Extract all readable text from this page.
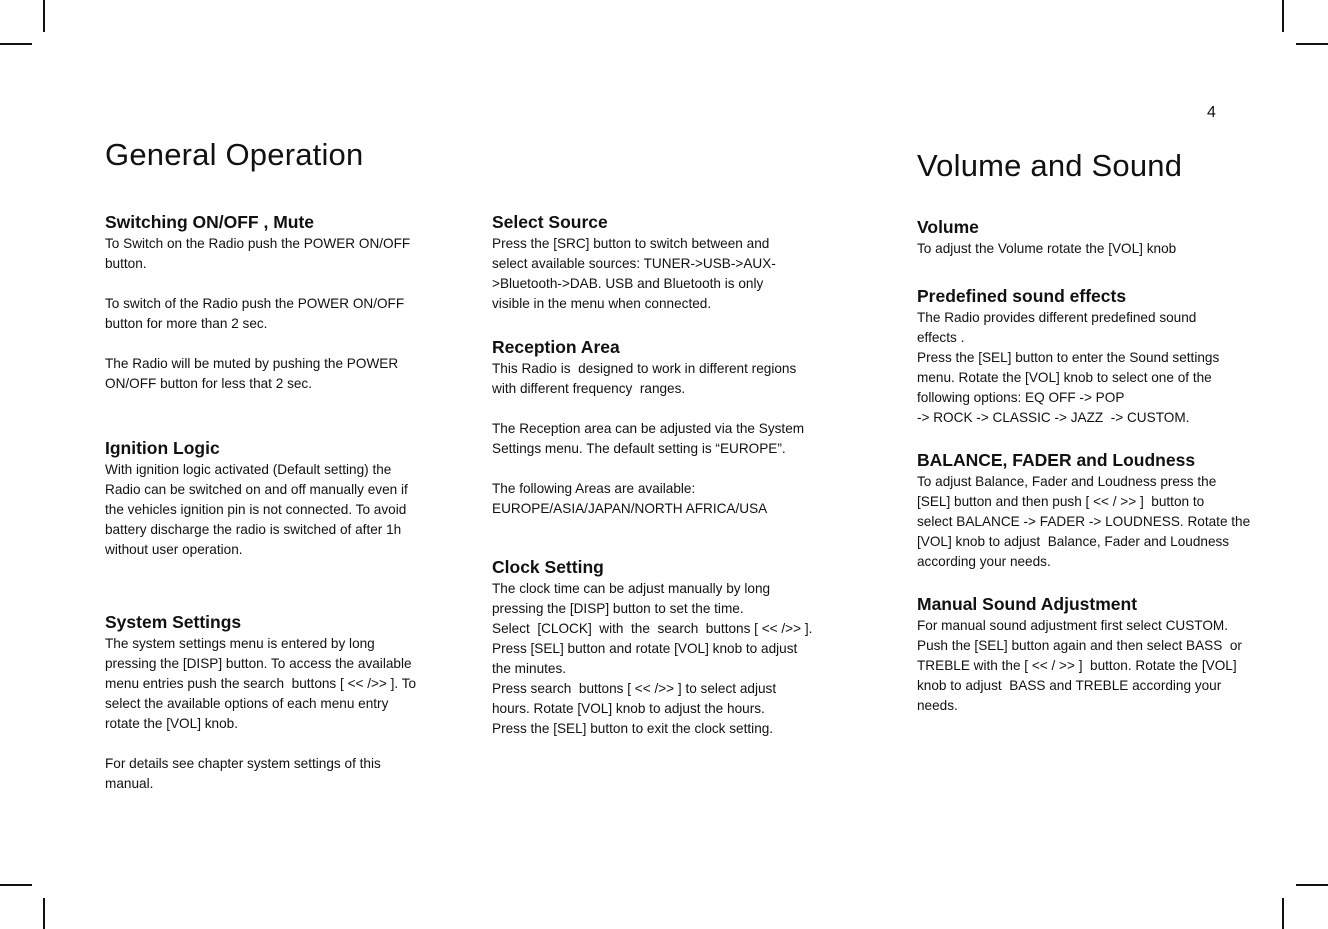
4
General Operation	Volume and Sound
Switching ON/OFF , Mute

To Switch on the Radio push the POWER ON/OFF
button.

To switch of the Radio push the POWER ON/OFF
button for more than 2 sec.

The Radio will be muted by pushing the POWER
ON/OFF button for less that 2 sec.

Ignition Logic

With ignition logic activated (Default setting) the
Radio can be switched on and off manually even if
the vehicles ignition pin is not connected. To avoid
battery discharge the radio is switched of after 1h
without user operation.

System Settings

The system settings menu is entered by long
pressing the [DISP] button. To access the available
menu entries push the search  buttons [ << />> ]. To
select the available options of each menu entry
rotate the [VOL] knob.

For details see chapter system settings of this
manual.

Select Source

Press the [SRC] button to switch between and
select available sources: TUNER->USB->AUX-
>Bluetooth->DAB. USB and Bluetooth is only
visible in the menu when connected.

Reception Area

This Radio is  designed to work in different regions
with different frequency  ranges.

The Reception area can be adjusted via the System
Settings menu. The default setting is “EUROPE”.

The following Areas are available:
EUROPE/ASIA/JAPAN/NORTH AFRICA/USA

Clock Setting

The clock time can be adjust manually by long
pressing the [DISP] button to set the time.
Select  [CLOCK]  with  the  search  buttons [ << />> ].
Press [SEL] button and rotate [VOL] knob to adjust
the minutes.
Press search  buttons [ << />> ] to select adjust
hours. Rotate [VOL] knob to adjust the hours.
Press the [SEL] button to exit the clock setting.

Volume

To adjust the Volume rotate the [VOL] knob

Predefined sound effects

The Radio provides different predefined sound
effects .
Press the [SEL] button to enter the Sound settings
menu. Rotate the [VOL] knob to select one of the
following options: EQ OFF -> POP
-> ROCK -> CLASSIC -> JAZZ  -> CUSTOM.

BALANCE, FADER and Loudness

To adjust Balance, Fader and Loudness press the
[SEL] button and then push [ << / >> ]  button to
select BALANCE -> FADER -> LOUDNESS. Rotate the
[VOL] knob to adjust  Balance, Fader and Loudness
according your needs.

Manual Sound Adjustment

For manual sound adjustment first select CUSTOM.
Push the [SEL] button again and then select BASS  or
TREBLE with the [ << / >> ]  button. Rotate the [VOL]
knob to adjust  BASS and TREBLE according your
needs.
